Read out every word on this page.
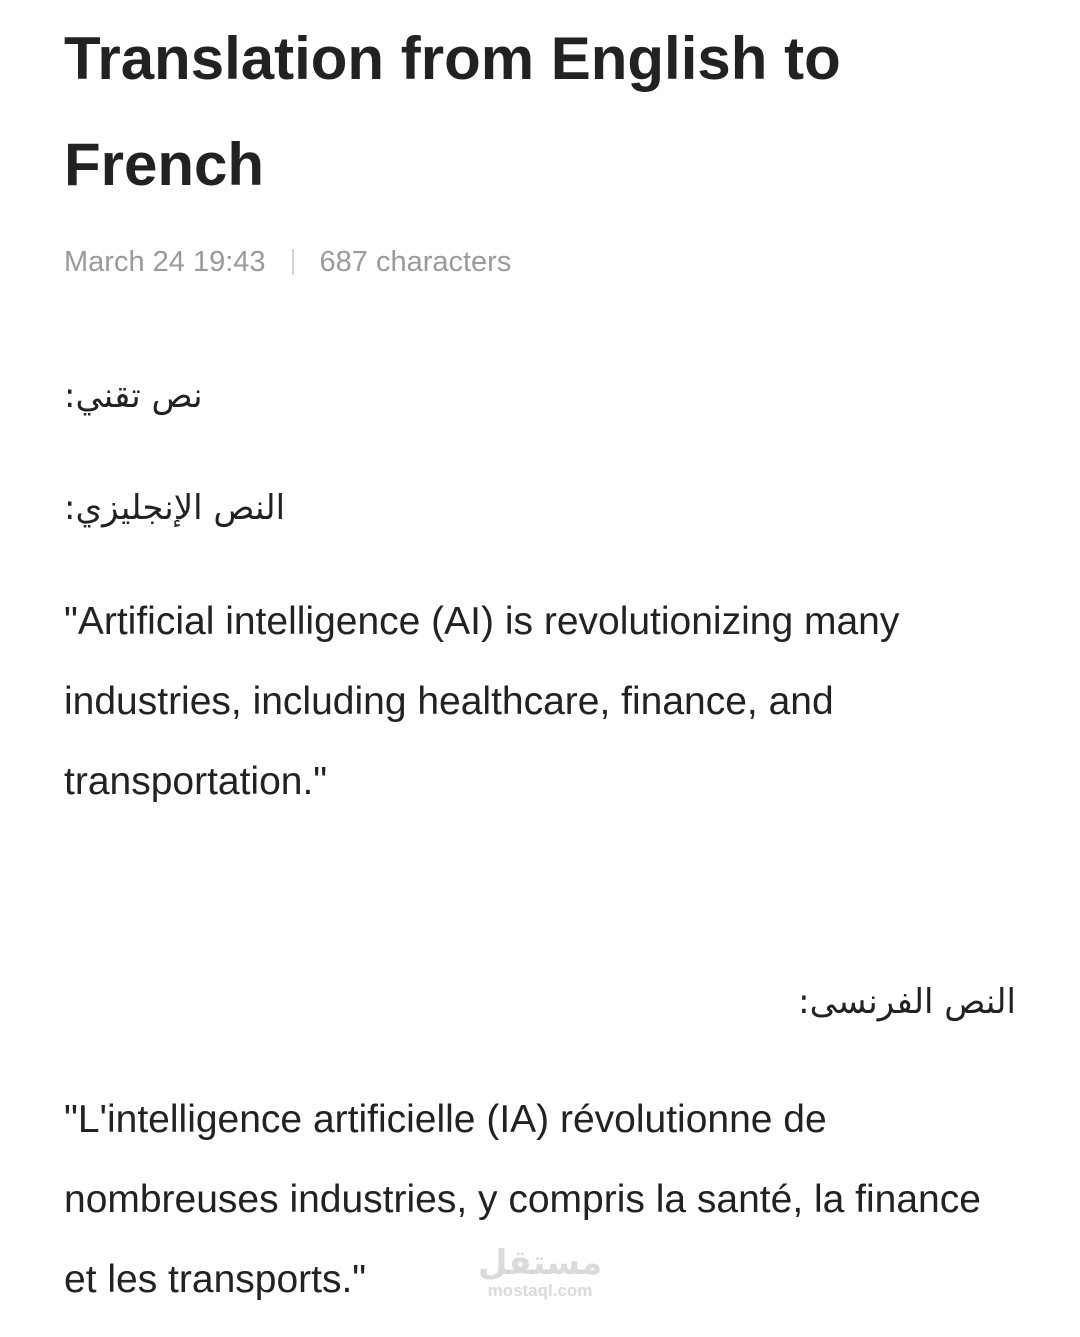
Translation from English to French
March 24 19:43 687 characters

نص تقني:

النص الإنجليزي:

"Artificial intelligence (AI) is revolutionizing many industries, including healthcare, finance, and transportation."

النص الفرنسى:

"L'intelligence artificielle (IA) révolutionne de nombreuses industries, y compris la santé, la finance et les transports."	مستقل
mostaql.com
